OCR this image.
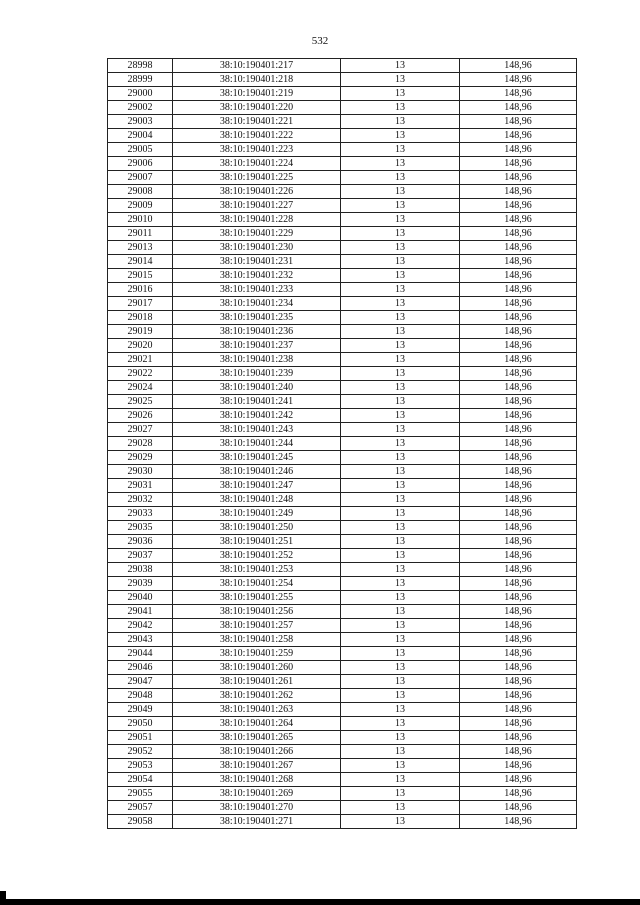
532
28998	38:10:190401:217	13	148,96
28999	38:10:190401:218	13	148,96
29000	38:10:190401:219	13	148,96
29002	38:10:190401:220	13	148,96
29003	38:10:190401:221	13	148,96
29004	38:10:190401:222	13	148,96
29005	38:10:190401:223	13	148,96
29006	38:10:190401:224	13	148,96
29007	38:10:190401:225	13	148,96
29008	38:10:190401:226	13	148,96
29009	38:10:190401:227	13	148,96
29010	38:10:190401:228	13	148,96
29011	38:10:190401:229	13	148,96
29013	38:10:190401:230	13	148,96
29014	38:10:190401:231	13	148,96
29015	38:10:190401:232	13	148,96
29016	38:10:190401:233	13	148,96
29017	38:10:190401:234	13	148,96
29018	38:10:190401:235	13	148,96
29019	38:10:190401:236	13	148,96
29020	38:10:190401:237	13	148,96
29021	38:10:190401:238	13	148,96
29022	38:10:190401:239	13	148,96
29024	38:10:190401:240	13	148,96
29025	38:10:190401:241	13	148,96
29026	38:10:190401:242	13	148,96
29027	38:10:190401:243	13	148,96
29028	38:10:190401:244	13	148,96
29029	38:10:190401:245	13	148,96
29030	38:10:190401:246	13	148,96
29031	38:10:190401:247	13	148,96
29032	38:10:190401:248	13	148,96
29033	38:10:190401:249	13	148,96
29035	38:10:190401:250	13	148,96
29036	38:10:190401:251	13	148,96
29037	38:10:190401:252	13	148,96
29038	38:10:190401:253	13	148,96
29039	38:10:190401:254	13	148,96
29040	38:10:190401:255	13	148,96
29041	38:10:190401:256	13	148,96
29042	38:10:190401:257	13	148,96
29043	38:10:190401:258	13	148,96
29044	38:10:190401:259	13	148,96
29046	38:10:190401:260	13	148,96
29047	38:10:190401:261	13	148,96
29048	38:10:190401:262	13	148,96
29049	38:10:190401:263	13	148,96
29050	38:10:190401:264	13	148,96
29051	38:10:190401:265	13	148,96
29052	38:10:190401:266	13	148,96
29053	38:10:190401:267	13	148,96
29054	38:10:190401:268	13	148,96
29055	38:10:190401:269	13	148,96
29057	38:10:190401:270	13	148,96
29058	38:10:190401:271	13	148,96
